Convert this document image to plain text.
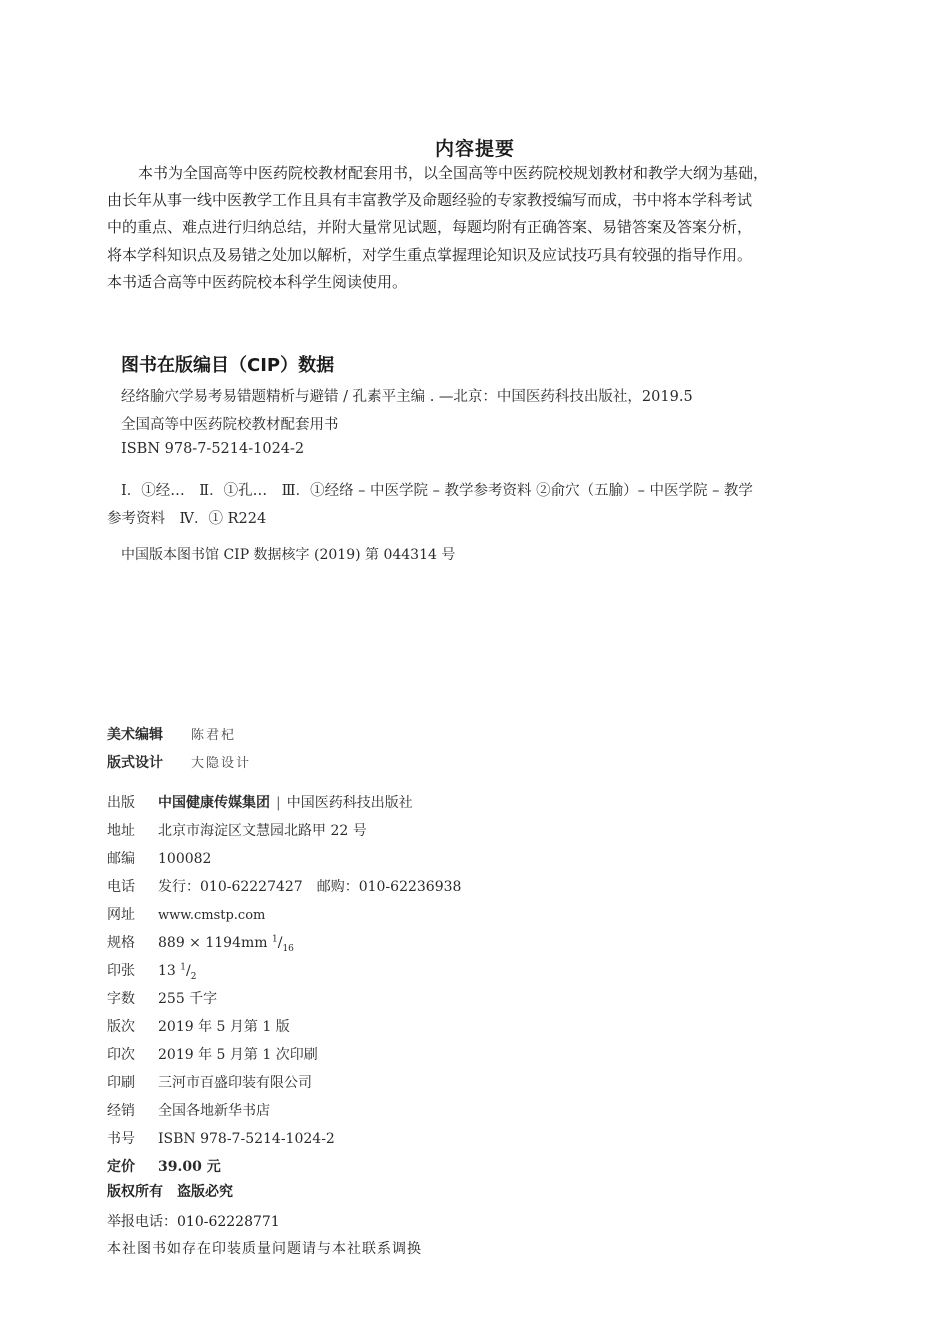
内容提要
本书为全国高等中医药院校教材配套用书，以全国高等中医药院校规划教材和教学大纲为基础，
由长年从事一线中医教学工作且具有丰富教学及命题经验的专家教授编写而成，书中将本学科考试
中的重点、难点进行归纳总结，并附大量常见试题，每题均附有正确答案、易错答案及答案分析，
将本学科知识点及易错之处加以解析，对学生重点掌握理论知识及应试技巧具有较强的指导作用。
本书适合高等中医药院校本科学生阅读使用。
图书在版编目（CIP）数据
经络腧穴学易考易错题精析与避错 / 孔素平主编 . —北京：中国医药科技出版社，2019.5
全国高等中医药院校教材配套用书
ISBN 978-7-5214-1024-2
Ⅰ．①经…　Ⅱ．①孔…　Ⅲ．①经络 – 中医学院 – 教学参考资料 ②俞穴（五腧）– 中医学院 – 教学
参考资料　Ⅳ．① R224
中国版本图书馆 CIP 数据核字 (2019) 第 044314 号
美术编辑 陈君杞
版式设计 大隐设计
出版 中国健康传媒集团 | 中国医药科技出版社
地址 北京市海淀区文慧园北路甲 22 号
邮编 100082
电话 发行：010-62227427　邮购：010-62236938
网址 www.cmstp.com
规格 889 × 1194mm $^1/_{16}$
印张 13 $^1/_2$
字数 255 千字
版次 2019 年 5 月第 1 版
印次 2019 年 5 月第 1 次印刷
印刷 三河市百盛印装有限公司
经销 全国各地新华书店
书号 ISBN 978-7-5214-1024-2
定价 39.00 元
版权所有 盗版必究
举报电话：010-62228771
本社图书如存在印装质量问题请与本社联系调换
